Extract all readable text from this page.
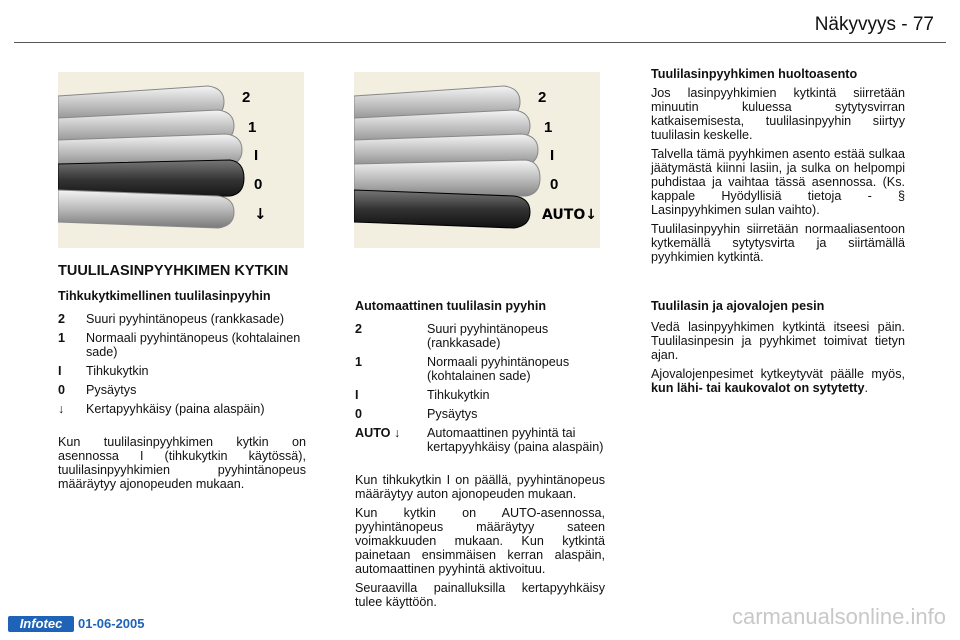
Näkyvyys - 77
2
1
I
0
↓
2
1
I
0
AUTO↓
TUULILASINPYYHKIMEN KYTKIN
Tihkukytkimellinen tuulilasinpyyhin
2	Suuri pyyhintänopeus (rankkasade)
1	Normaali pyyhintänopeus (kohtalainen sade)
I	Tihkukytkin
0	Pysäytys
↓	Kertapyyhkäisy (paina alaspäin)
Kun tuulilasinpyyhkimen kytkin on asennossa I (tihkukytkin käytössä), tuulilasinpyyhkimien pyyhintänopeus määräytyy ajonopeuden mukaan.
Automaattinen tuulilasin pyyhin
2	Suuri pyyhintänopeus (rankkasade)
1	Normaali pyyhintänopeus (kohtalainen sade)
I	Tihkukytkin
0	Pysäytys
AUTO ↓	Automaattinen pyyhintä tai kertapyyhkäisy (paina alaspäin)
Kun tihkukytkin I on päällä, pyyhintänopeus määräytyy auton ajonopeuden mukaan.
Kun kytkin on AUTO-asennossa, pyyhintänopeus määräytyy sateen voimakkuuden mukaan. Kun kytkintä painetaan ensimmäisen kerran alaspäin, automaattinen pyyhintä aktivoituu.
Seuraavilla painalluksilla kertapyyhkäisy tulee käyttöön.
Tuulilasinpyyhkimen huoltoasento
Jos lasinpyyhkimien kytkintä siirretään minuutin kuluessa sytytysvirran katkaisemisesta, tuulilasinpyyhin siirtyy tuulilasin keskelle.
Talvella tämä pyyhkimen asento estää sulkaa jäätymästä kiinni lasiin, ja sulka on helpompi puhdistaa ja vaihtaa tässä asennossa. (Ks. kappale Hyödyllisiä tietoja - § Lasinpyyhkimen sulan vaihto).
Tuulilasinpyyhin siirretään normaaliasentoon kytkemällä sytytysvirta ja siirtämällä pyyhkimien kytkintä.
Tuulilasin ja ajovalojen pesin
Vedä lasinpyyhkimen kytkintä itseesi päin. Tuulilasinpesin ja pyyhkimet toimivat tietyn ajan.
Ajovalojenpesimet kytkeytyvät päälle myös, kun lähi- tai kaukovalot on sytytetty.
Infotec	01-06-2005	carmanualsonline.info
